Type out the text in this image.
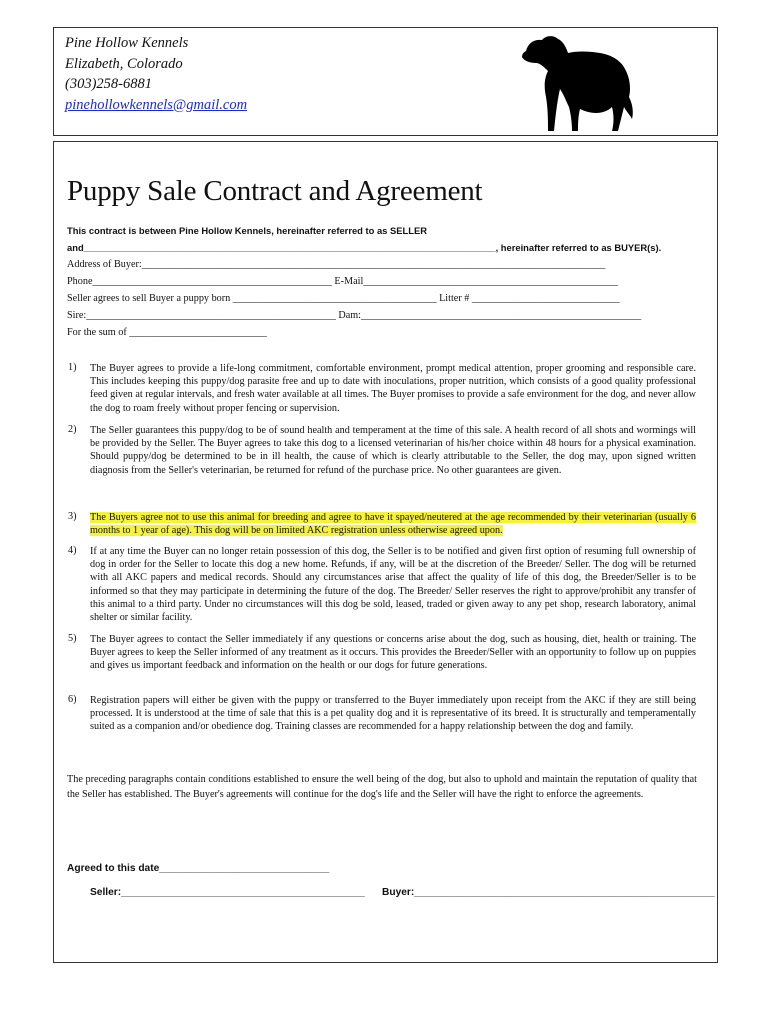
Pine Hollow Kennels
Elizabeth, Colorado
(303)258-6881
pinehollowkennels@gmail.com
Puppy Sale Contract and Agreement
This contract is between Pine Hollow Kennels, hereinafter referred to as SELLER
and_______________________________________________________________________________, hereinafter referred to as BUYER(s).
Address of Buyer:___________________________________________________________________________________________
Phone_______________________________________________ E-Mail__________________________________________________
Seller agrees to sell Buyer a puppy born ________________________________________ Litter # _____________________________
Sire:_________________________________________________ Dam:_______________________________________________________
For the sum of ___________________________
1) The Buyer agrees to provide a life-long commitment, comfortable environment, prompt medical attention, proper grooming and responsible care. This includes keeping this puppy/dog parasite free and up to date with inoculations, proper nutrition, which consists of a good quality professional feed given at regular intervals, and fresh water available at all times. The Buyer promises to provide a safe environment for the dog, and never allow the dog to roam freely without proper fencing or supervision.
2) The Seller guarantees this puppy/dog to be of sound health and temperament at the time of this sale. A health record of all shots and wormings will be provided by the Seller. The Buyer agrees to take this dog to a licensed veterinarian of his/her choice within 48 hours for a physical examination. Should puppy/dog be determined to be in ill health, the cause of which is clearly attributable to the Seller, the dog may, upon signed written diagnosis from the Seller's veterinarian, be returned for refund of the purchase price. No other guarantees are given.
3) The Buyers agree not to use this animal for breeding and agree to have it spayed/neutered at the age recommended by their veterinarian (usually 6 months to 1 year of age). This dog will be on limited AKC registration unless otherwise agreed upon.
4) If at any time the Buyer can no longer retain possession of this dog, the Seller is to be notified and given first option of resuming full ownership of dog in order for the Seller to locate this dog a new home. Refunds, if any, will be at the discretion of the Breeder/ Seller. The dog will be returned with all AKC papers and medical records. Should any circumstances arise that affect the quality of life of this dog, the Breeder/Seller is to be informed so that they may participate in determining the future of the dog. The Breeder/ Seller reserves the right to approve/prohibit any transfer of this animal to a third party. Under no circumstances will this dog be sold, leased, traded or given away to any pet shop, research laboratory, animal shelter or similar facility.
5) The Buyer agrees to contact the Seller immediately if any questions or concerns arise about the dog, such as housing, diet, health or training. The Buyer agrees to keep the Seller informed of any treatment as it occurs. This provides the Breeder/Seller with an opportunity to follow up on puppies and gives us important feedback and information on the health or our dogs for future generations.
6) Registration papers will either be given with the puppy or transferred to the Buyer immediately upon receipt from the AKC if they are still being processed. It is understood at the time of sale that this is a pet quality dog and it is representative of its breed. It is structurally and temperamentally suited as a companion and/or obedience dog. Training classes are recommended for a happy relationship between the dog and family.
The preceding paragraphs contain conditions established to ensure the well being of the dog, but also to uphold and maintain the reputation of quality that the Seller has established. The Buyer's agreements will continue for the dog's life and the Seller will have the right to enforce the agreements.
Agreed to this date______________________________
Seller:___________________________________________ Buyer:_____________________________________________________
